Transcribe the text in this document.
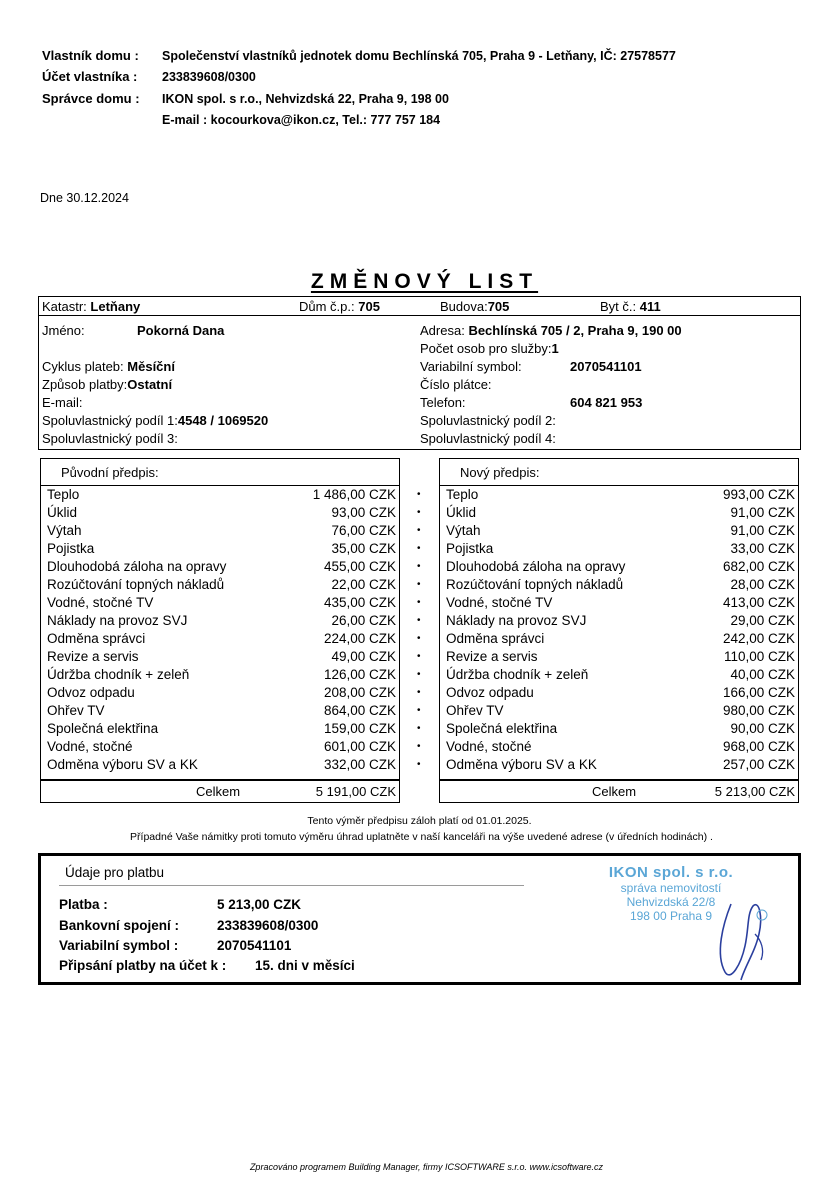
Vlastník domu : Společenství vlastníků jednotek domu Bechlínská 705, Praha 9 - Letňany, IČ: 27578577
Účet vlastníka : 233839608/0300
Správce domu : IKON spol. s r.o., Nehvizdská 22, Praha 9, 198 00
E-mail : kocourkova@ikon.cz, Tel.: 777 757 184
Dne 30.12.2024
ZMĚNOVÝ LIST
Katastr: Letňany	Dům č.p.: 705	Budova:705	Byt č.: 411
Jméno:	Pokorná Dana	Adresa: Bechlínská 705 / 2, Praha 9, 190 00
Počet osob pro služby:1
Cyklus plateb: Měsíční	Variabilní symbol:	2070541101
Způsob platby:Ostatní	Číslo plátce:
E-mail:	Telefon:	604 821 953
Spoluvlastnický podíl 1:4548 / 1069520	Spoluvlastnický podíl 2:
Spoluvlastnický podíl 3:	Spoluvlastnický podíl 4:
Původní předpis:
Teplo	1 486,00 CZK
Úklid	93,00 CZK
Výtah	76,00 CZK
Pojistka	35,00 CZK
Dlouhodobá záloha na opravy	455,00 CZK
Rozúčtování topných nákladů	22,00 CZK
Vodné, stočné TV	435,00 CZK
Náklady na provoz SVJ	26,00 CZK
Odměna správci	224,00 CZK
Revize a servis	49,00 CZK
Údržba chodník + zeleň	126,00 CZK
Odvoz odpadu	208,00 CZK
Ohřev TV	864,00 CZK
Společná elektřina	159,00 CZK
Vodné, stočné	601,00 CZK
Odměna výboru SV a KK	332,00 CZK
Celkem	5 191,00 CZK
•
•
•
•
•
•
•
•
•
•
•
•
•
•
•
•
Nový předpis:
Teplo	993,00 CZK
Úklid	91,00 CZK
Výtah	91,00 CZK
Pojistka	33,00 CZK
Dlouhodobá záloha na opravy	682,00 CZK
Rozúčtování topných nákladů	28,00 CZK
Vodné, stočné TV	413,00 CZK
Náklady na provoz SVJ	29,00 CZK
Odměna správci	242,00 CZK
Revize a servis	110,00 CZK
Údržba chodník + zeleň	40,00 CZK
Odvoz odpadu	166,00 CZK
Ohřev TV	980,00 CZK
Společná elektřina	90,00 CZK
Vodné, stočné	968,00 CZK
Odměna výboru SV a KK	257,00 CZK
Celkem	5 213,00 CZK
Tento výměr předpisu záloh platí od 01.01.2025.
Případné Vaše námitky proti tomuto výměru úhrad uplatněte v naší kanceláři na výše uvedené adrese (v úředních hodinách) .
Údaje pro platbu
Platba :	5 213,00 CZK
Bankovní spojení :	233839608/0300
Variabilní symbol :	2070541101
Připsání platby na účet k : 15. dni v měsíci
IKON spol. s r.o.
správa nemovitostí
Nehvizdská 22/8
198 00 Praha 9
Zpracováno programem Building Manager, firmy ICSOFTWARE s.r.o. www.icsoftware.cz
